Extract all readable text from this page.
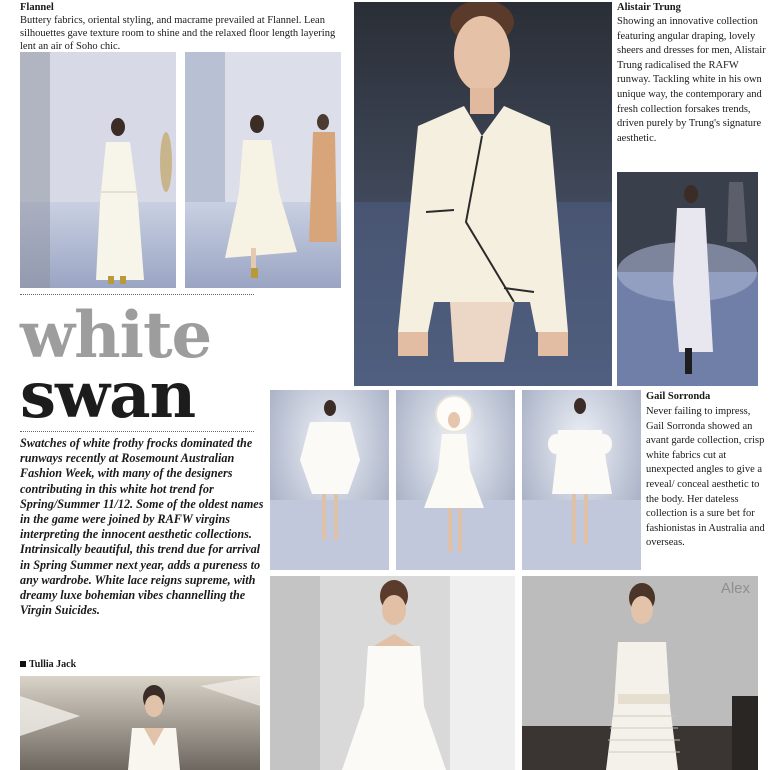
Flannel
Buttery fabrics, oriental styling, and macrame prevailed at Flannel. Lean silhouettes gave texture room to shine and the relaxed floor length layering lent an air of Soho chic.
white
swan
Swatches of white frothy frocks dominated the runways recently at Rosemount Australian Fashion Week, with many of the designers contributing in this white hot trend for Spring/Summer 11/12. Some of the oldest names in the game were joined by RAFW virgins interpreting the innocent aesthetic collections. Intrinsically beautiful, this trend due for arrival in Spring Summer next year, adds a pureness to any wardrobe. White lace reigns supreme, with dreamy luxe bohemian vibes channelling the Virgin Suicides.
Tullia Jack
Alistair Trung
Showing an innovative collection featuring angular draping, lovely sheers and dresses for men, Alistair Trung radicalised the RAFW runway. Tackling white in his own unique way, the contemporary and fresh collection forsakes trends, driven purely by Trung's signature aesthetic.
Gail Sorronda
Never failing to impress, Gail Sorronda showed an avant garde collection, crisp white fabrics cut at unexpected angles to give a reveal/ conceal aesthetic to the body. Her dateless collection is a sure bet for fashionistas in Australia and overseas.
Alex
